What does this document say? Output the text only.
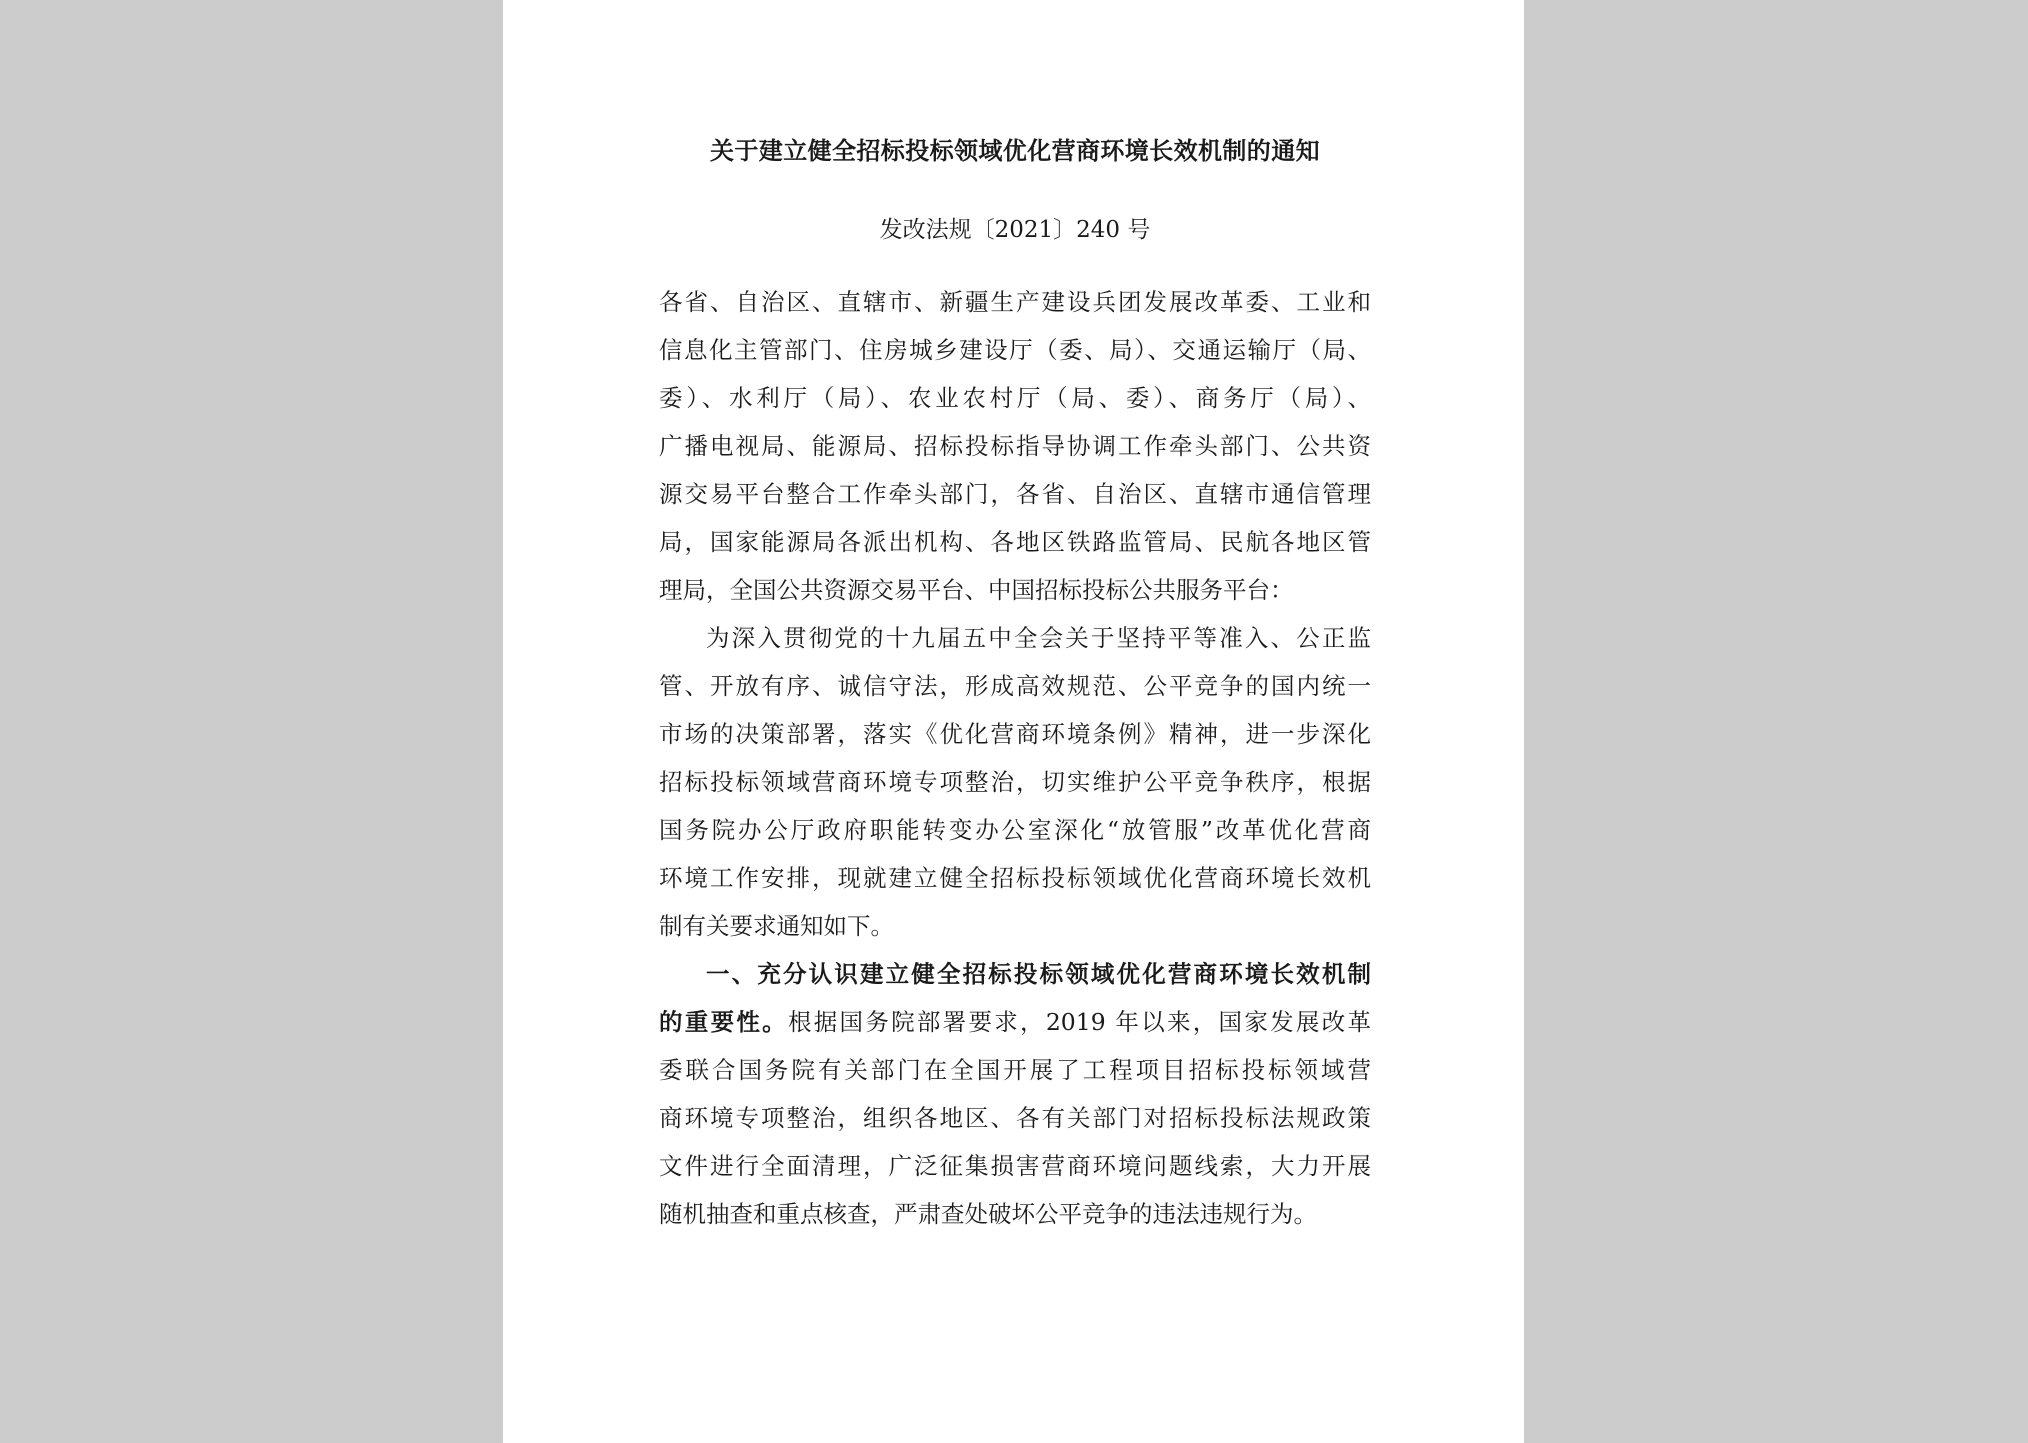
关于建立健全招标投标领域优化营商环境长效机制的通知
发改法规〔2021〕240 号

各省、自治区、直辖市、新疆生产建设兵团发展改革委、工业和

信息化主管部门、住房城乡建设厅（委、局）、交通运输厅（局、

委）、水利厅（局）、农业农村厅（局、委）、商务厅（局）、

广播电视局、能源局、招标投标指导协调工作牵头部门、公共资

源交易平台整合工作牵头部门，各省、自治区、直辖市通信管理

局，国家能源局各派出机构、各地区铁路监管局、民航各地区管

理局，全国公共资源交易平台、中国招标投标公共服务平台：

为深入贯彻党的十九届五中全会关于坚持平等准入、公正监

管、开放有序、诚信守法，形成高效规范、公平竞争的国内统一

市场的决策部署，落实《优化营商环境条例》精神，进一步深化

招标投标领域营商环境专项整治，切实维护公平竞争秩序，根据

国务院办公厅政府职能转变办公室深化“放管服”改革优化营商

环境工作安排，现就建立健全招标投标领域优化营商环境长效机

制有关要求通知如下。

一、充分认识建立健全招标投标领域优化营商环境长效机制

的重要性。根据国务院部署要求，2019 年以来，国家发展改革

委联合国务院有关部门在全国开展了工程项目招标投标领域营

商环境专项整治，组织各地区、各有关部门对招标投标法规政策

文件进行全面清理，广泛征集损害营商环境问题线索，大力开展

随机抽查和重点核查，严肃查处破坏公平竞争的违法违规行为。
